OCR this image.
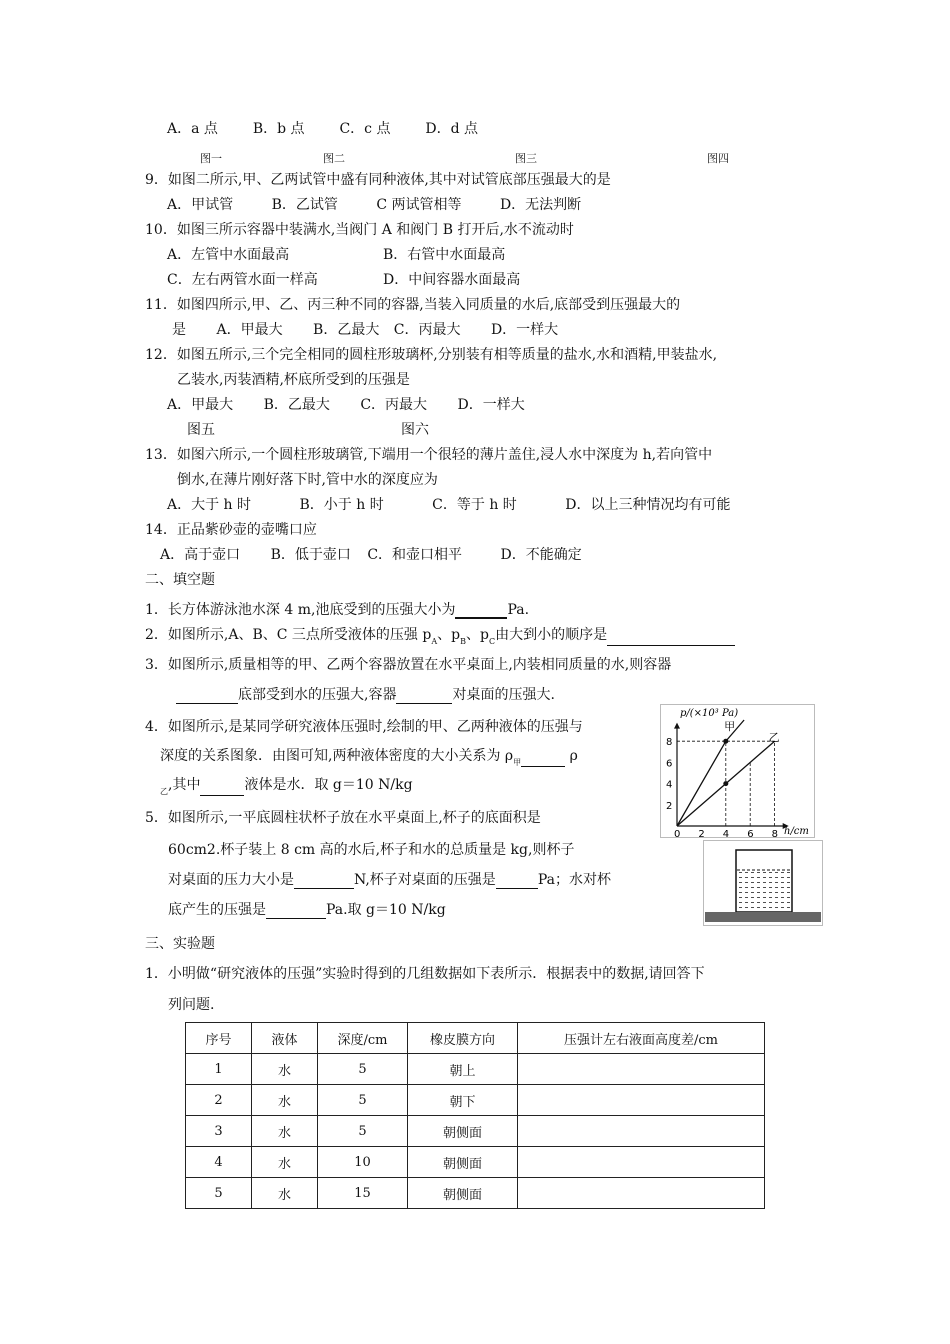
A．a 点 B．b 点 C．c 点 D．d 点
图一	图二	图三	图四
9．如图二所示,甲、乙两试管中盛有同种液体,其中对试管底部压强最大的是
A．甲试管	B．乙试管	C 两试管相等	D．无法判断
10．如图三所示容器中装满水,当阀门 A 和阀门 B 打开后,水不流动时
A．左管中水面最高	B．右管中水面最高
C．左右两管水面一样高	D．中间容器水面最高
11．如图四所示,甲、乙、丙三种不同的容器,当装入同质量的水后,底部受到压强最大的
是 A．甲最大 B．乙最大 C．丙最大 D．一样大
12．如图五所示,三个完全相同的圆柱形玻璃杯,分别装有相等质量的盐水,水和酒精,甲装盐水,
乙装水,丙装酒精,杯底所受到的压强是
A．甲最大 B．乙最大 C．丙最大 D．一样大
图五	图六
13．如图六所示,一个圆柱形玻璃管,下端用一个很轻的薄片盖住,浸人水中深度为 h,若向管中
倒水,在薄片刚好落下时,管中水的深度应为
A．大于 h 时	B．小于 h 时	C．等于 h 时	D．以上三种情况均有可能
14．正品紫砂壶的壶嘴口应
A．高于壶口 B．低于壶口 C．和壶口相平	D．不能确定
二、填空题
1．长方体游泳池水深 4 m,池底受到的压强大小为	Pa.
2．如图所示,A、B、C 三点所受液体的压强 $p_A$、$p_B$、$p_C$由大到小的顺序是
3．如图所示,质量相等的甲、乙两个容器放置在水平桌面上,内装相同质量的水,则容器
底部受到水的压强大,容器	对桌面的压强大.
4．如图所示,是某同学研究液体压强时,绘制的甲、乙两种液体的压强与
深度的关系图象．由图可知,两种液体密度的大小关系为 $\rho_甲$	ρ
$_乙$,其中	液体是水．取 g＝10 N/kg
5．如图所示,一平底圆柱状杯子放在水平桌面上,杯子的底面积是
60cm2.杯子装上 8 cm 高的水后,杯子和水的总质量是 kg,则杯子
对桌面的压力大小是	N,杯子对桌面的压强是	Pa；水对杯
底产生的压强是	Pa.取 g＝10 N/kg
三、实验题
1．小明做“研究液体的压强”实验时得到的几组数据如下表所示．根据表中的数据,请回答下
列问题.
序号	液体	深度/cm	橡皮膜方向	压强计左右液面高度差/cm
1	水	5	朝上	
2	水	5	朝下	
3	水	5	朝侧面	
4	水	10	朝侧面	
5	水	15	朝侧面	
0 2 4 6 8
2
4
6
8
甲
乙
p/(×10³ Pa)
h/cm
